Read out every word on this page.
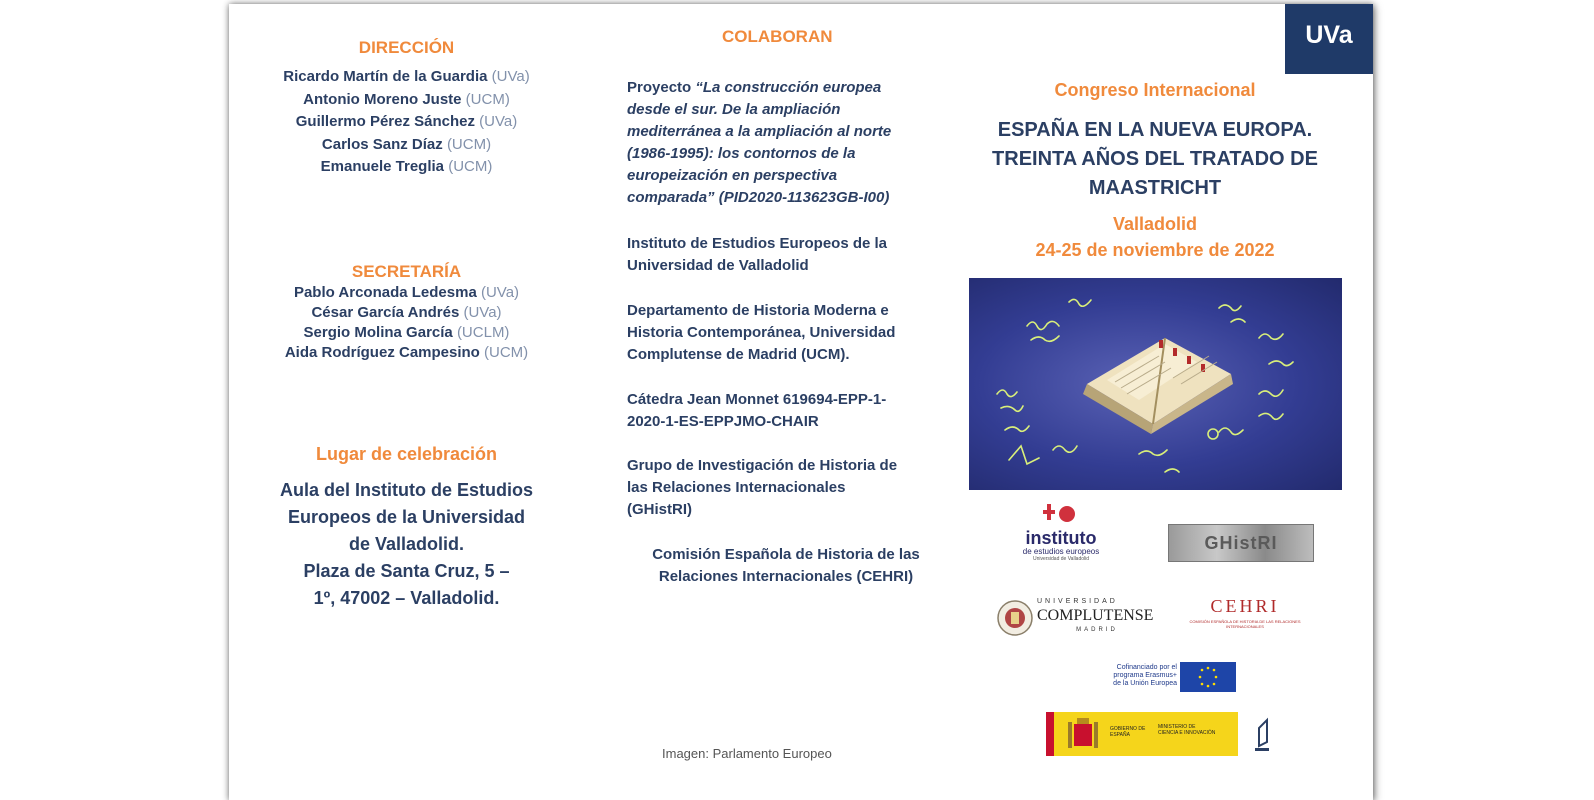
DIRECCIÓN
Ricardo Martín de la Guardia (UVa)
Antonio Moreno Juste (UCM)
Guillermo Pérez Sánchez (UVa)
Carlos Sanz Díaz (UCM)
Emanuele Treglia (UCM)
SECRETARÍA
Pablo Arconada Ledesma (UVa)
César García Andrés (UVa)
Sergio Molina García (UCLM)
Aida Rodríguez Campesino (UCM)
Lugar de celebración
Aula del Instituto de Estudios
Europeos de la Universidad
de Valladolid.
Plaza de Santa Cruz, 5 –
1º, 47002 – Valladolid.
COLABORAN
Proyecto “La construcción europea
desde el sur. De la ampliación
mediterránea a la ampliación al norte
(1986-1995): los contornos de la
europeización en perspectiva
comparada” (PID2020-113623GB-I00)
Instituto de Estudios Europeos de la
Universidad de Valladolid
Departamento de Historia Moderna e
Historia Contemporánea, Universidad
Complutense de Madrid (UCM).
Cátedra Jean Monnet 619694-EPP-1-
2020-1-ES-EPPJMO-CHAIR
Grupo de Investigación de Historia de
las Relaciones Internacionales
(GHistRI)
Comisión Española de Historia de las
Relaciones Internacionales (CEHRI)
Imagen: Parlamento Europeo
UVa
Congreso Internacional
ESPAÑA EN LA NUEVA EUROPA.
TREINTA AÑOS DEL TRATADO DE
MAASTRICHT
Valladolid
24-25 de noviembre de 2022
instituto
de estudios europeos
Universidad de Valladolid
GHistRI
UNIVERSIDAD
COMPLUTENSE
MADRID
CEHRI
COMISIÓN ESPAÑOLA DE HISTORIA DE LAS RELACIONES INTERNACIONALES
Cofinanciado por el
programa Erasmus+
de la Unión Europea
GOBIERNO DE ESPAÑA
MINISTERIO DE CIENCIA E INNOVACIÓN
